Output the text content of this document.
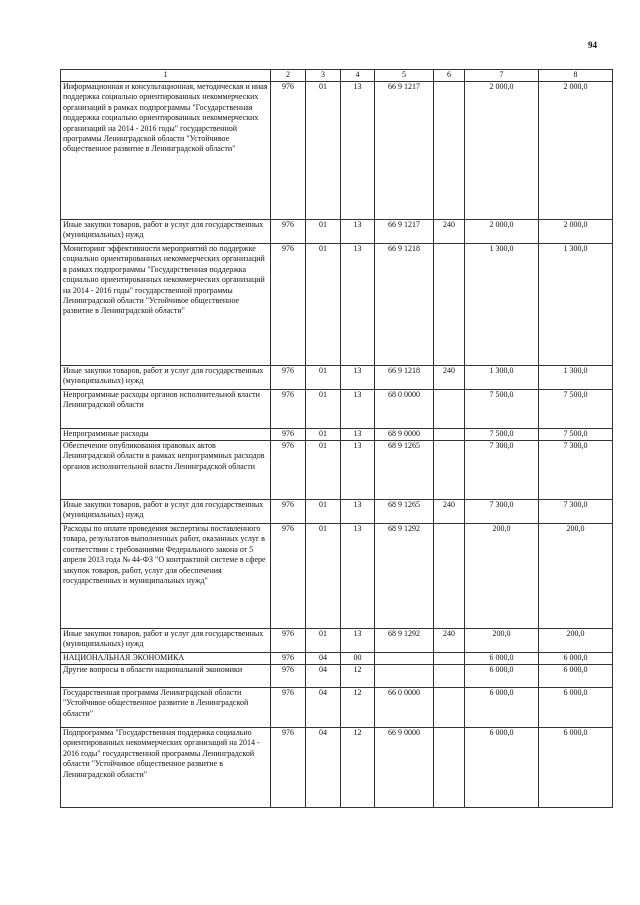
94
1	2	3	4	5	6	7	8
Информационная и консультационная, методическая и иная поддержка социально ориентированных некоммерческих организаций в рамках подпрограммы "Государственная поддержка социально ориентированных некоммерческих организаций на 2014 - 2016 годы" государственной программы Ленинградской области "Устойчивое общественное развитие в Ленинградской области"	976	01	13	66 9 1217		2 000,0	2 000,0
Иные закупки товаров, работ и услуг для государственных (муниципальных) нужд	976	01	13	66 9 1217	240	2 000,0	2 000,0
Мониторинг эффективности мероприятий по поддержке социально ориентированных некоммерческих организаций в рамках подпрограммы "Государственная поддержка социально ориентированных некоммерческих организаций на 2014 - 2016 годы" государственной программы Ленинградской области "Устойчивое общественное развитие в Ленинградской области"	976	01	13	66 9 1218		1 300,0	1 300,0
Иные закупки товаров, работ и услуг для государственных (муниципальных) нужд	976	01	13	66 9 1218	240	1 300,0	1 300,0
Непрограммные расходы органов исполнительной власти Ленинградской области	976	01	13	68 0 0000		7 500,0	7 500,0
Непрограммные расходы	976	01	13	68 9 0000		7 500,0	7 500,0
Обеспечение опубликования правовых актов Ленинградской области в рамках непрограммных расходов органов исполнительной власти Ленинградской области	976	01	13	68 9 1265		7 300,0	7 300,0
Иные закупки товаров, работ и услуг для государственных (муниципальных) нужд	976	01	13	68 9 1265	240	7 300,0	7 300,0
Расходы по оплате проведения экспертизы поставленного товара, результатов выполненных работ, оказанных услуг в соответствии с требованиями Федерального закона от 5 апреля 2013 года № 44-ФЗ "О контрактной системе в сфере закупок товаров, работ, услуг для обеспечения государственных и муниципальных нужд"	976	01	13	68 9 1292		200,0	200,0
Иные закупки товаров, работ и услуг для государственных (муниципальных) нужд	976	01	13	68 9 1292	240	200,0	200,0
НАЦИОНАЛЬНАЯ ЭКОНОМИКА	976	04	00			6 000,0	6 000,0
Другие вопросы в области национальной экономики	976	04	12			6 000,0	6 000,0
Государственная программа Ленинградской области "Устойчивое общественное развитие в Ленинградской области"	976	04	12	66 0 0000		6 000,0	6 000,0
Подпрограмма "Государственная поддержка социально ориентированных некоммерческих организаций на 2014 - 2016 годы" государственной программы Ленинградской области "Устойчивое общественное развитие в Ленинградской области"	976	04	12	66 9 0000		6 000,0	6 000,0
